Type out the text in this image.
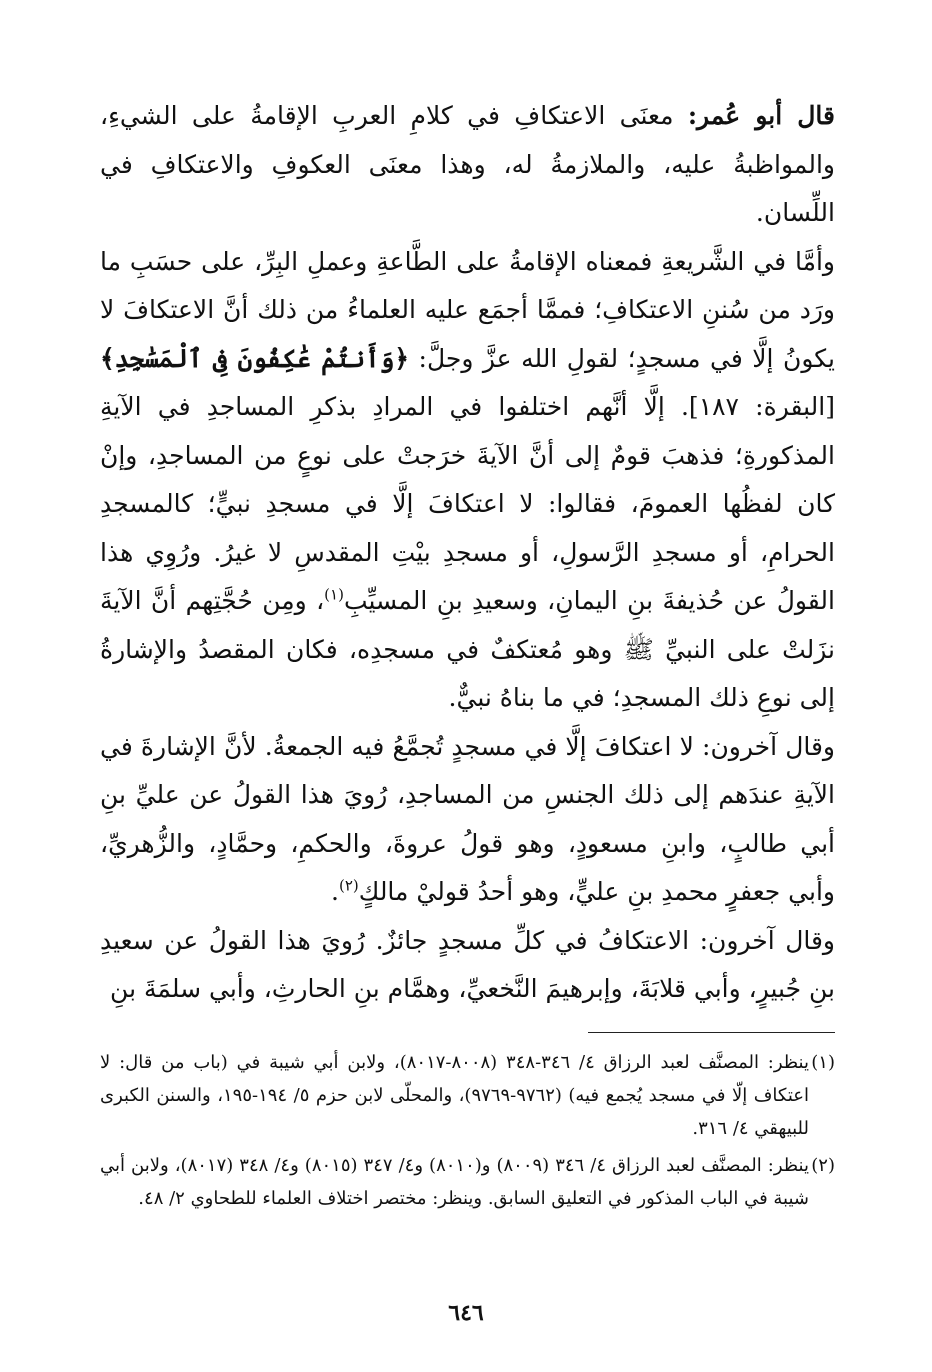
قال أبو عُمر: معنَى الاعتكافِ في كلامِ العربِ الإقامةُ على الشيءِ، والمواظبةُ عليه، والملازمةُ له، وهذا معنَى العكوفِ والاعتكافِ في اللِّسان.

وأمَّا في الشَّريعةِ فمعناه الإقامةُ على الطَّاعةِ وعملِ البِرِّ، على حسَبِ ما ورَد من سُننِ الاعتكافِ؛ فممَّا أجمَع عليه العلماءُ من ذلك أنَّ الاعتكافَ لا يكونُ إلَّا في مسجدٍ؛ لقولِ الله عزَّ وجلَّ: ﴿وَأَنتُمْ عَٰكِفُونَ فِى ٱلْمَسَٰجِدِ﴾ [البقرة: ١٨٧]. إلَّا أنَّهم اختلفوا في المرادِ بذكرِ المساجدِ في الآيةِ المذكورةِ؛ فذهبَ قومٌ إلى أنَّ الآيةَ خرَجتْ على نوعٍ من المساجدِ، وإنْ كان لفظُها العمومَ، فقالوا: لا اعتكافَ إلَّا في مسجدِ نبيٍّ؛ كالمسجدِ الحرامِ، أو مسجدِ الرَّسولِ، أو مسجدِ بيْتِ المقدسِ لا غيرُ. ورُوِي هذا القولُ عن حُذيفةَ بنِ اليمانِ، وسعيدِ بنِ المسيِّبِ$^{(١)}$، ومِن حُجَّتِهم أنَّ الآيةَ نزَلتْ على النبيِّ ﷺ وهو مُعتكفٌ في مسجدِه، فكان المقصدُ والإشارةُ إلى نوعِ ذلك المسجدِ؛ في ما بناهُ نبيٌّ.

وقال آخرون: لا اعتكافَ إلَّا في مسجدٍ تُجمَّعُ فيه الجمعةُ. لأنَّ الإشارةَ في الآيةِ عندَهم إلى ذلك الجنسِ من المساجدِ، رُويَ هذا القولُ عن عليِّ بنِ أبي طالبٍ، وابنِ مسعودٍ، وهو قولُ عروةَ، والحكمِ، وحمَّادٍ، والزُّهريِّ، وأبي جعفرٍ محمدِ بنِ عليٍّ، وهو أحدُ قوليْ مالكٍ$^{(٢)}$.

وقال آخرون: الاعتكافُ في كلِّ مسجدٍ جائزٌ. رُويَ هذا القولُ عن سعيدِ بنِ جُبيرٍ، وأبي قلابَةَ، وإبرهيمَ النَّخعيِّ، وهمَّام بنِ الحارثِ، وأبي سلمَةَ بنِ

(١)
ينظر: المصنَّف لعبد الرزاق ٤/ ٣٤٦-٣٤٨ (٨٠٠٨-٨٠١٧)، ولابن أبي شيبة في (باب من قال: لا اعتكاف إلّا في مسجد يُجمع فيه) (٩٧٦٢-٩٧٦٩)، والمحلّى لابن حزم ٥/ ١٩٤-١٩٥، والسنن الكبرى للبيهقي ٤/ ٣١٦.

(٢)
ينظر: المصنَّف لعبد الرزاق ٤/ ٣٤٦ (٨٠٠٩) و(٨٠١٠) و٤/ ٣٤٧ (٨٠١٥) و٤/ ٣٤٨ (٨٠١٧)، ولابن أبي شيبة في الباب المذكور في التعليق السابق. وينظر: مختصر اختلاف العلماء للطحاوي ٢/ ٤٨.

٦٤٦
